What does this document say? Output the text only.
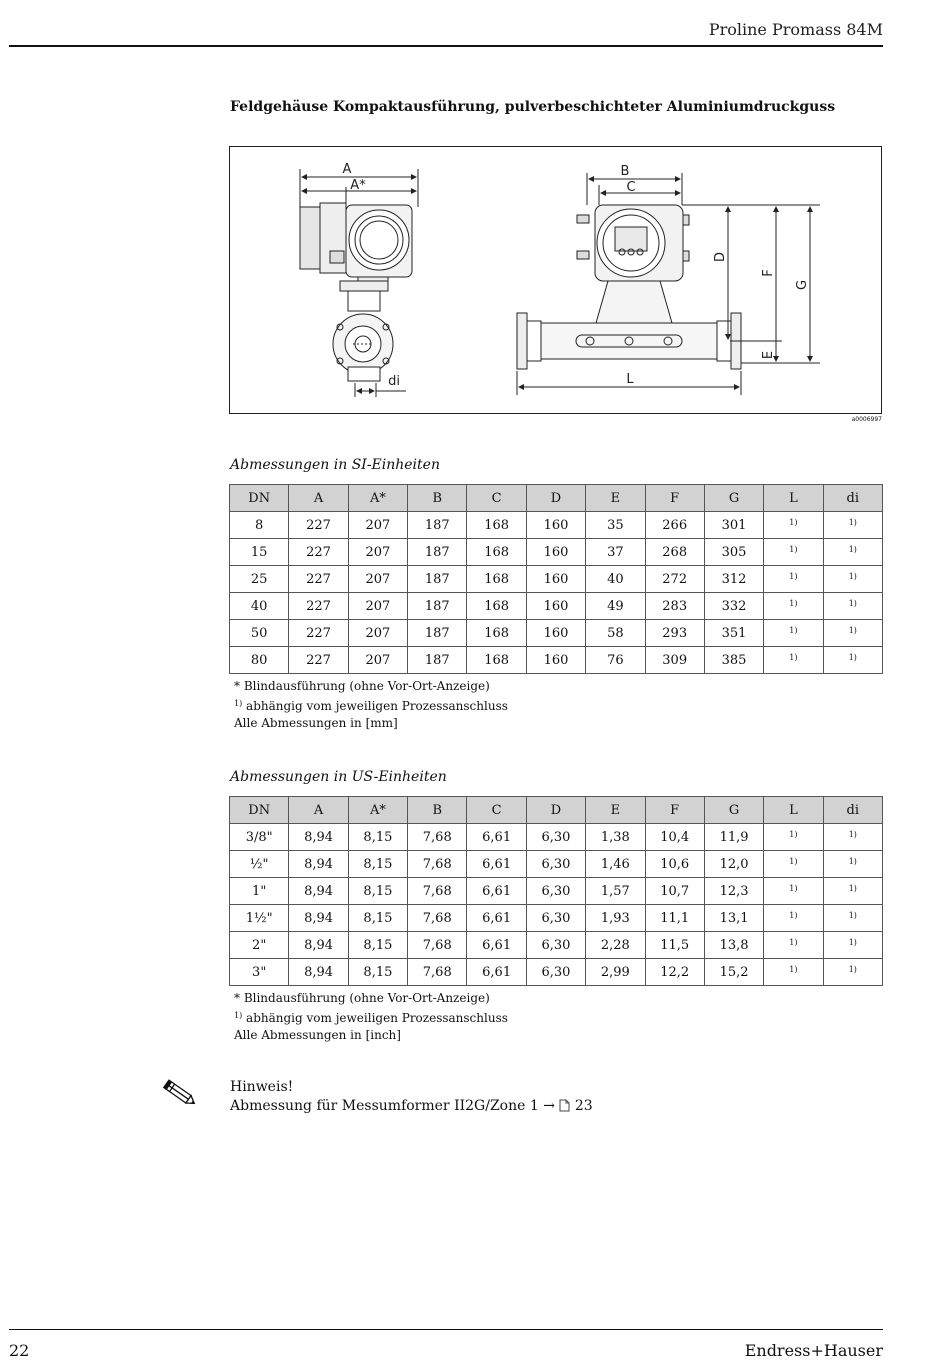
Proline Promass 84M
Feldgehäuse Kompaktausführung, pulverbeschichteter Aluminiumdruckguss
A
A*
di
B
C
L
D
E
F
G
a0006997
Abmessungen in SI-Einheiten
DN	A	A*	B	C	D	E	F	G	L	di
8	227	207	187	168	160	35	266	301	$^{1)}$	$^{1)}$
15	227	207	187	168	160	37	268	305	$^{1)}$	$^{1)}$
25	227	207	187	168	160	40	272	312	$^{1)}$	$^{1)}$
40	227	207	187	168	160	49	283	332	$^{1)}$	$^{1)}$
50	227	207	187	168	160	58	293	351	$^{1)}$	$^{1)}$
80	227	207	187	168	160	76	309	385	$^{1)}$	$^{1)}$
* Blindausführung (ohne Vor-Ort-Anzeige)
$^{1)}$ abhängig vom jeweiligen Prozessanschluss
Alle Abmessungen in [mm]
Abmessungen in US-Einheiten
DN	A	A*	B	C	D	E	F	G	L	di
3/8"	8,94	8,15	7,68	6,61	6,30	1,38	10,4	11,9	$^{1)}$	$^{1)}$
½"	8,94	8,15	7,68	6,61	6,30	1,46	10,6	12,0	$^{1)}$	$^{1)}$
1"	8,94	8,15	7,68	6,61	6,30	1,57	10,7	12,3	$^{1)}$	$^{1)}$
1½"	8,94	8,15	7,68	6,61	6,30	1,93	11,1	13,1	$^{1)}$	$^{1)}$
2"	8,94	8,15	7,68	6,61	6,30	2,28	11,5	13,8	$^{1)}$	$^{1)}$
3"	8,94	8,15	7,68	6,61	6,30	2,99	12,2	15,2	$^{1)}$	$^{1)}$
* Blindausführung (ohne Vor-Ort-Anzeige)
$^{1)}$ abhängig vom jeweiligen Prozessanschluss
Alle Abmessungen in [inch]
Hinweis!
Abmessung für Messumformer II2G/Zone 1 → 23
22	Endress+Hauser
